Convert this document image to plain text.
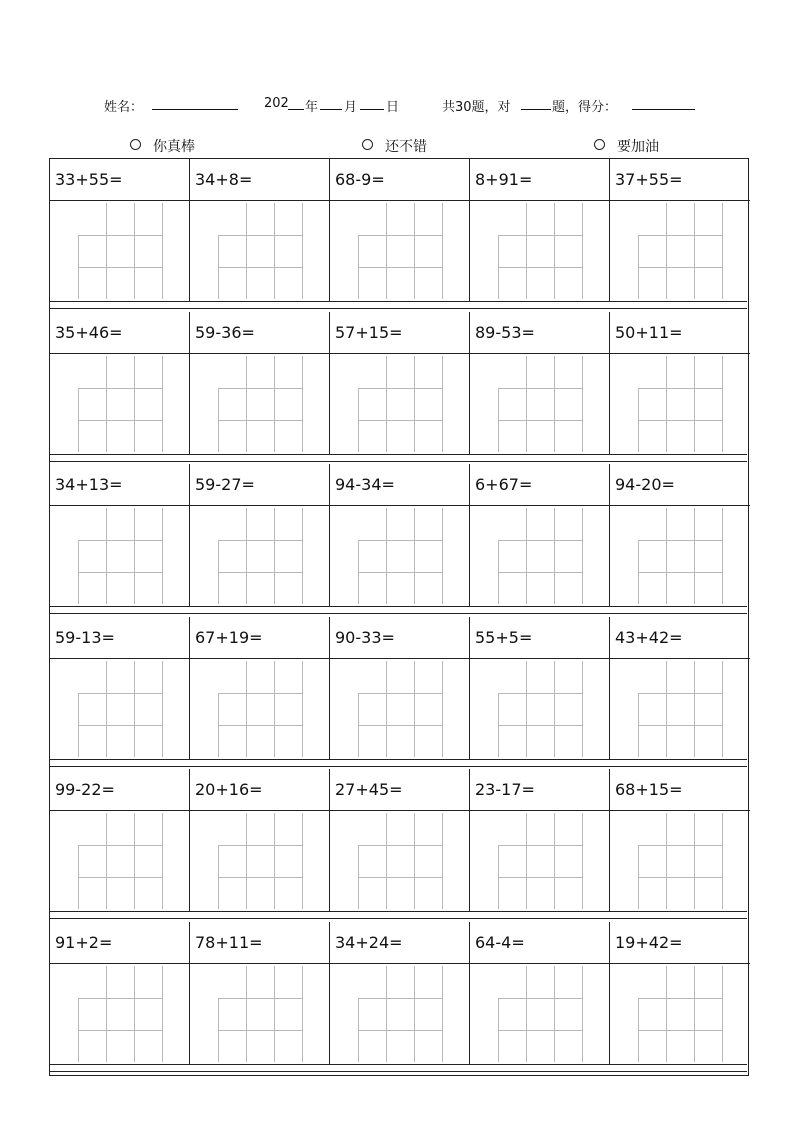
姓名：	202 年 月 日	共30题，对	题，得分：
你真棒	还不错	要加油
33+55=	34+8=	68-9=	8+91=	37+55=
35+46=	59-36=	57+15=	89-53=	50+11=
34+13=	59-27=	94-34=	6+67=	94-20=
59-13=	67+19=	90-33=	55+5=	43+42=
99-22=	20+16=	27+45=	23-17=	68+15=
91+2=	78+11=	34+24=	64-4=	19+42=
